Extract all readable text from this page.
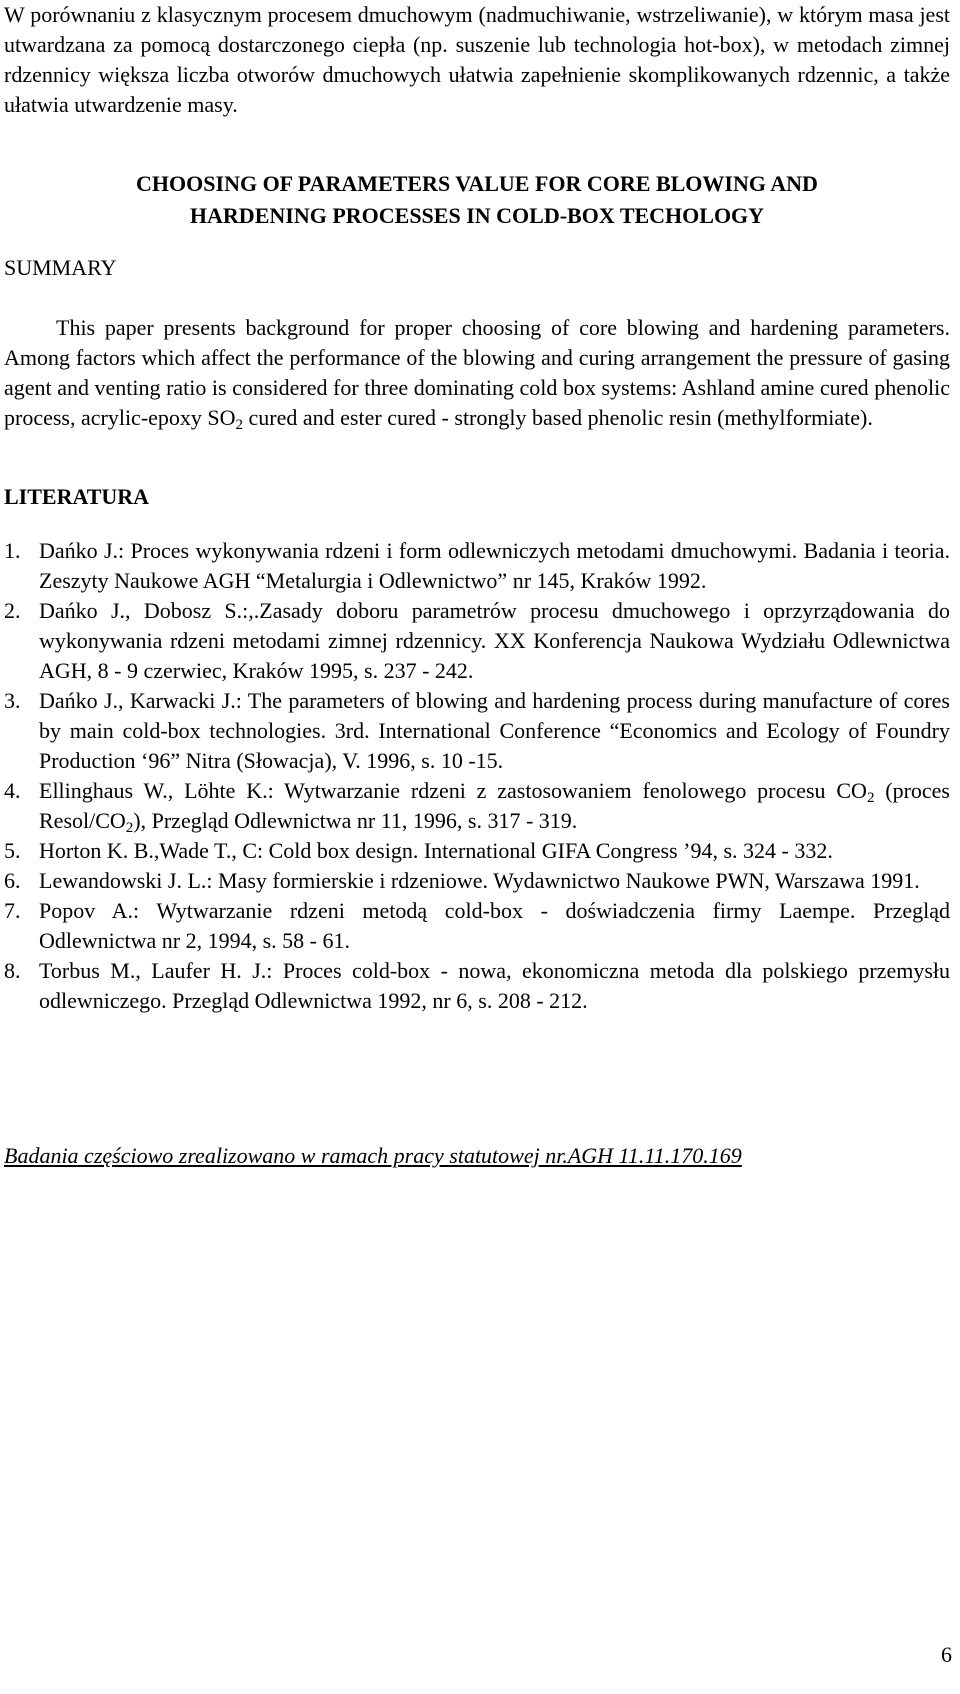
W porównaniu z klasycznym procesem dmuchowym (nadmuchiwanie, wstrzeliwanie), w którym masa jest utwardzana za pomocą dostarczonego ciepła (np. suszenie lub technologia hot-box), w metodach zimnej rdzennicy większa liczba otworów dmuchowych ułatwia zapełnienie skomplikowanych rdzennic, a także ułatwia utwardzenie masy.

CHOOSING OF PARAMETERS VALUE FOR CORE BLOWING AND
HARDENING PROCESSES IN COLD-BOX TECHOLOGY
SUMMARY

This paper presents background for proper choosing of core blowing and hardening parameters. Among factors which affect the performance of the blowing and curing arrangement the pressure of gasing agent and venting ratio is considered for three dominating cold box systems: Ashland amine cured phenolic process, acrylic-epoxy $SO_2$ cured and ester cured - strongly based phenolic resin (methylformiate).

LITERATURA
1. Dańko J.: Proces wykonywania rdzeni i form odlewniczych metodami dmuchowymi. Badania i teoria. Zeszyty Naukowe AGH “Metalurgia i Odlewnictwo” nr 145, Kraków 1992.
2. Dańko J., Dobosz S.:,.Zasady doboru parametrów procesu dmuchowego i oprzyrządowania do wykonywania rdzeni metodami zimnej rdzennicy. XX Konferencja Naukowa Wydziału Odlewnictwa AGH, 8 - 9 czerwiec, Kraków 1995, s. 237 - 242.
3. Dańko J., Karwacki J.: The parameters of blowing and hardening process during manufacture of cores by main cold-box technologies. 3rd. International Conference “Economics and Ecology of Foundry Production ‘96” Nitra (Słowacja), V. 1996, s. 10 -15.
4. Ellinghaus W., Löhte K.: Wytwarzanie rdzeni z zastosowaniem fenolowego procesu $CO_2$ (proces Resol/$CO_2$), Przegląd Odlewnictwa nr 11, 1996, s. 317 - 319.
5. Horton K. B.,Wade T., C: Cold box design. International GIFA Congress ’94, s. 324 - 332.
6. Lewandowski J. L.: Masy formierskie i rdzeniowe. Wydawnictwo Naukowe PWN, Warszawa 1991.
7. Popov A.: Wytwarzanie rdzeni metodą cold-box - doświadczenia firmy Laempe. Przegląd Odlewnictwa nr 2, 1994, s. 58 - 61.
8. Torbus M., Laufer H. J.: Proces cold-box - nowa, ekonomiczna metoda dla polskiego przemysłu odlewniczego. Przegląd Odlewnictwa 1992, nr 6, s. 208 - 212.
Badania częściowo zrealizowano w ramach pracy statutowej nr.AGH 11.11.170.169
6
